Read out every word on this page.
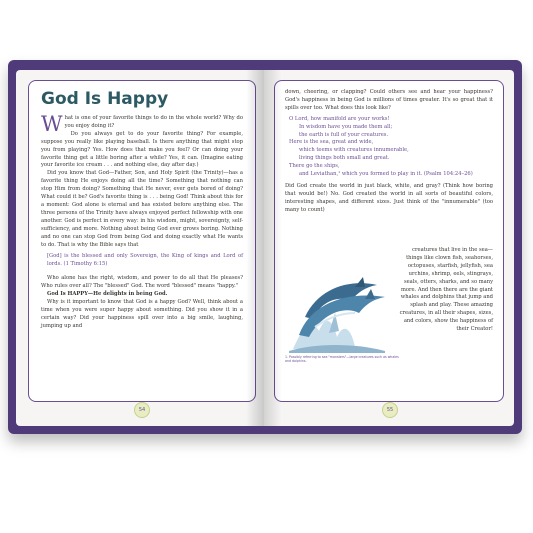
God Is Happy

What is one of your favorite things to do in the whole world? Why do you enjoy doing it?

Do you always get to do your favorite thing? For example, suppose you really like playing baseball. Is there anything that might stop you from playing? Yes. How does that make you feel? Or can doing your favorite thing get a little boring after a while? Yes, it can. (Imagine eating your favorite ice cream . . . and nothing else, day after day.)

Did you know that God—Father, Son, and Holy Spirit (the Trinity)—has a favorite thing He enjoys doing all the time? Something that nothing can stop Him from doing? Something that He never, ever gets bored of doing? What could it be? God's favorite thing is . . . being God! Think about this for a moment: God alone is eternal and has existed before anything else. The three persons of the Trinity have always enjoyed perfect fellowship with one another. God is perfect in every way: in his wisdom, might, sovereignty, self-sufficiency, and more. Nothing about being God ever grows boring. Nothing and no one can stop God from being God and doing exactly what He wants to do. That is why the Bible says that

[God] is the blessed and only Sovereign, the King of kings and Lord of lords. (1 Timothy 6:15)

Who alone has the right, wisdom, and power to do all that He pleases? Who rules over all? The "blessed" God. The word "blessed" means "happy."

God Is HAPPY—He delights in being God.

Why is it important to know that God is a happy God? Well, think about a time when you were super happy about something. Did you show it in a certain way? Did your happiness spill over into a big smile, laughing, jumping up and

54

down, cheering, or clapping? Could others see and hear your happiness? God's happiness in being God is millions of times greater. It's so great that it spills over too. What does this look like?

O Lord, how manifold are your works!
In wisdom have you made them all;
the earth is full of your creatures.
Here is the sea, great and wide,
which teems with creatures innumerable,
living things both small and great.
There go the ships,
and Leviathan,¹ which you formed to play in it. (Psalm 104:24–26)

Did God create the world in just black, white, and gray? (Think how boring that would be!) No. God created the world in all sorts of beautiful colors, interesting shapes, and different sizes. Just think of the "innumerable" (too many to count)

creatures that live in the sea—things like clown fish, seahorses, octopuses, starfish, jellyfish, sea urchins, shrimp, eels, stingrays, seals, otters, sharks, and so many more. And then there are the giant whales and dolphins that jump and splash and play. These amazing creatures, in all their shapes, sizes, and colors, show the happiness of their Creator!

1. Possibly referring to sea "monsters"—large creatures such as whales and dolphins.
55
